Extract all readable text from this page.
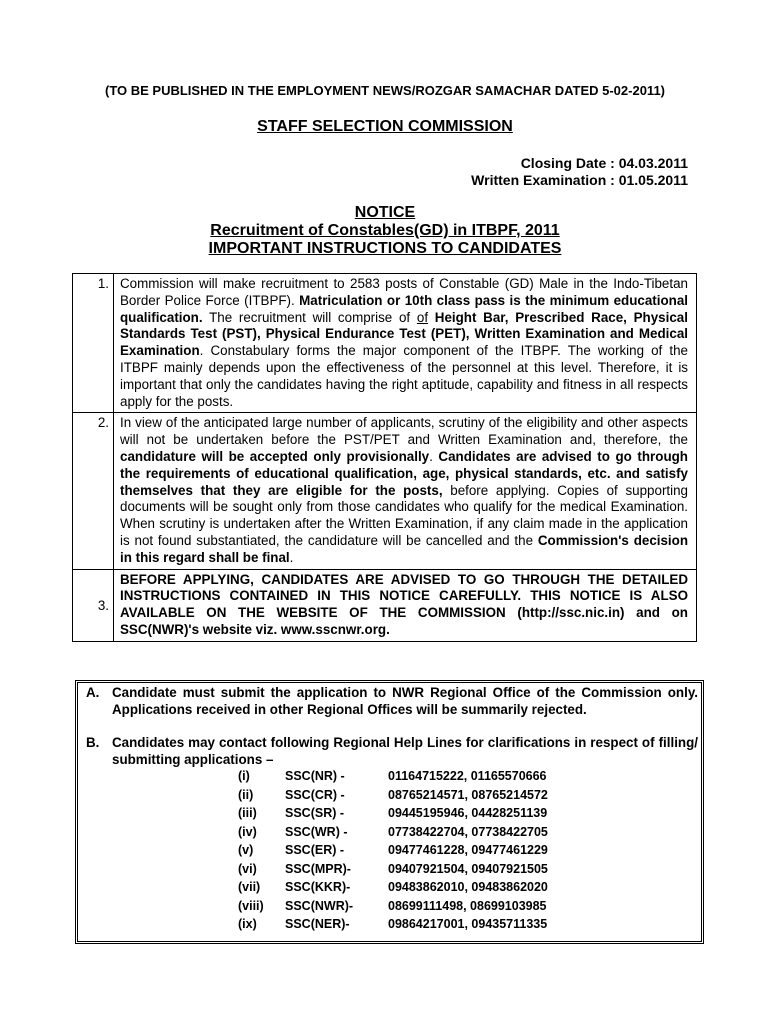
(TO BE PUBLISHED IN THE EMPLOYMENT NEWS/ROZGAR SAMACHAR DATED 5-02-2011)
STAFF SELECTION COMMISSION
Closing Date : 04.03.2011
Written Examination : 01.05.2011
NOTICE
Recruitment of Constables(GD) in ITBPF, 2011
IMPORTANT INSTRUCTIONS TO CANDIDATES
1.	Commission will make recruitment to 2583 posts of Constable (GD) Male in the Indo-Tibetan Border Police Force (ITBPF). Matriculation or 10th class pass is the minimum educational qualification. The recruitment will comprise of of Height Bar, Prescribed Race, Physical Standards Test (PST), Physical Endurance Test (PET), Written Examination and Medical Examination. Constabulary forms the major component of the ITBPF. The working of the ITBPF mainly depends upon the effectiveness of the personnel at this level. Therefore, it is important that only the candidates having the right aptitude, capability and fitness in all respects apply for the posts.
2.	In view of the anticipated large number of applicants, scrutiny of the eligibility and other aspects will not be undertaken before the PST/PET and Written Examination and, therefore, the candidature will be accepted only provisionally. Candidates are advised to go through the requirements of educational qualification, age, physical standards, etc. and satisfy themselves that they are eligible for the posts, before applying. Copies of supporting documents will be sought only from those candidates who qualify for the medical Examination. When scrutiny is undertaken after the Written Examination, if any claim made in the application is not found substantiated, the candidature will be cancelled and the Commission's decision in this regard shall be final.
3.	BEFORE APPLYING, CANDIDATES ARE ADVISED TO GO THROUGH THE DETAILED INSTRUCTIONS CONTAINED IN THIS NOTICE CAREFULLY. THIS NOTICE IS ALSO AVAILABLE ON THE WEBSITE OF THE COMMISSION (http://ssc.nic.in) and on SSC(NWR)'s website viz. www.sscnwr.org.
A. Candidate must submit the application to NWR Regional Office of the Commission only. Applications received in other Regional Offices will be summarily rejected.
B. Candidates may contact following Regional Help Lines for clarifications in respect of filling/ submitting applications –
(i)	SSC(NR) -	01164715222, 01165570666
(ii)	SSC(CR) -	08765214571, 08765214572
(iii) SSC(SR) -	09445195946, 04428251139
(iv) SSC(WR) -	07738422704, 07738422705
(v)	SSC(ER) -	09477461228, 09477461229
(vi) SSC(MPR)-	09407921504, 09407921505
(vii) SSC(KKR)-	09483862010, 09483862020
(viii) SSC(NWR)-	08699111498, 08699103985
(ix) SSC(NER)-	09864217001, 09435711335
